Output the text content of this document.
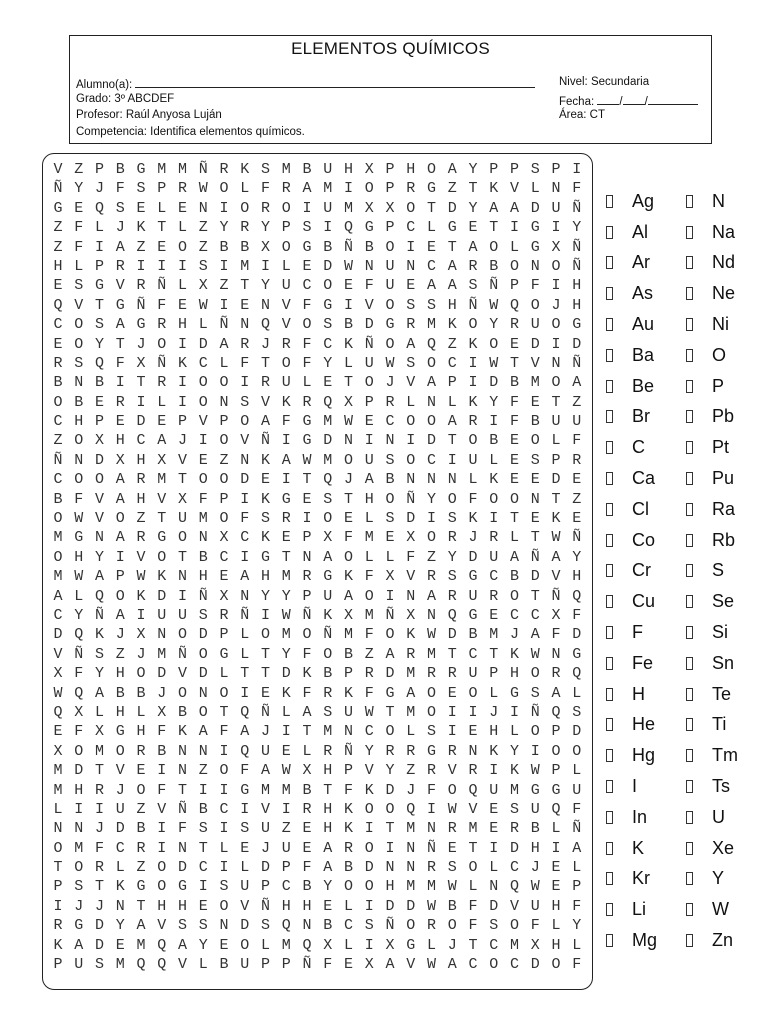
ELEMENTOS QUÍMICOS
Alumno(a):
Grado: 3º ABCDEF
Profesor: Raúl Anyosa Luján
Competencia: Identifica elementos químicos.
Nivel: Secundaria
Fecha: / /
Área: CT
V Z P B G M M Ñ R K S M B U H X P H O A Y P P S P I
Ñ Y J F S P R W O L F R A M I O P R G Z T K V L N F
G E Q S E L E N I O R O I U M X X O T D Y A A D U Ñ
Z F L J K T L Z Y R Y P S I Q G P C L G E T I G I Y
Z F I A Z E O Z B B X O G B Ñ B O I E T A O L G X Ñ
H L P R I I I S I M I L E D W N U N C A R B O N O Ñ
E S G V R Ñ L X Z T Y U C O E F U E A A S Ñ P F I H
Q V T G Ñ F E W I E N V F G I V O S S H Ñ W Q O J H
C O S A G R H L Ñ N Q V O S B D G R M K O Y R U O G
E O Y T J O I D A R J R F C K Ñ O A Q Z K O E D I D
R S Q F X Ñ K C L F T O F Y L U W S O C I W T V N Ñ
B N B I T R I O O I R U L E T O J V A P I D B M O A
O B E R I L I O N S V K R Q X P R L N L K Y F E T Z
C H P E D E P V P O A F G M W E C O O A R I F B U U
Z O X H C A J I O V Ñ I G D N I N I D T O B E O L F
Ñ N D X H X V E Z N K A W M O U S O C I U L E S P R
C O O A R M T O O D E I T Q J A B N N N L K E E D E
B F V A H V X F P I K G E S T H O Ñ Y O F O O N T Z
O W V O Z T U M O F S R I O E L S D I S K I T E K E
M G N A R G O N X C K E P X F M E X O R J R L T W Ñ
O H Y I V O T B C I G T N A O L L F Z Y D U A Ñ A Y
M W A P W K N H E A H M R G K F X V R S G C B D V H
A L Q O K D I Ñ X N Y Y P U A O I N A R U R O T Ñ Q
C Y Ñ A I U U S R Ñ I W Ñ K X M Ñ X N Q G E C C X F
D Q K J X N O D P L O M O Ñ M F O K W D B M J A F D
V Ñ S Z J M Ñ O G L T Y F O B Z A R M T C T K W N G
X F Y H O D V D L T T D K B P R D M R R U P H O R Q
W Q A B B J O N O I E K F R K F G A O E O L G S A L
Q X L H L X B O T Q Ñ L A S U W T M O I I J I Ñ Q S
E F X G H F K A F A J I T M N C O L S I E H L O P D
X O M O R B N N I Q U E L R Ñ Y R R G R N K Y I O O
M D T V E I N Z O F A W X H P V Y Z R V R I K W P L
M H R J O F T I I G M M B T F K D J F O Q U M G G U
L I I U Z V Ñ B C I V I R H K O O Q I W V E S U Q F
N N J D B I F S I S U Z E H K I T M N R M E R B L Ñ
O M F C R I N T L E J U E A R O I N Ñ E T I D H I A
T O R L Z O D C I L D P F A B D N N R S O L C J E L
P S T K G O G I S U P C B Y O O H M M W L N Q W E P
I J J N T H H E O V Ñ H H E L I D D W B F D V U H F
R G D Y A V S S N D S Q N B C S Ñ O R O F S O F L Y
K A D E M Q A Y E O L M Q X L I X G L J T C M X H L
P U S M Q Q V L B U P P Ñ F E X A V W A C O C D O F
Ag
Al
Ar
As
Au
Ba
Be
Br
C
Ca
Cl
Co
Cr
Cu
F
Fe
H
He
Hg
I
In
K
Kr
Li
Mg
N
Na
Nd
Ne
Ni
O
P
Pb
Pt
Pu
Ra
Rb
S
Se
Si
Sn
Te
Ti
Tm
Ts
U
Xe
Y
W
Zn
